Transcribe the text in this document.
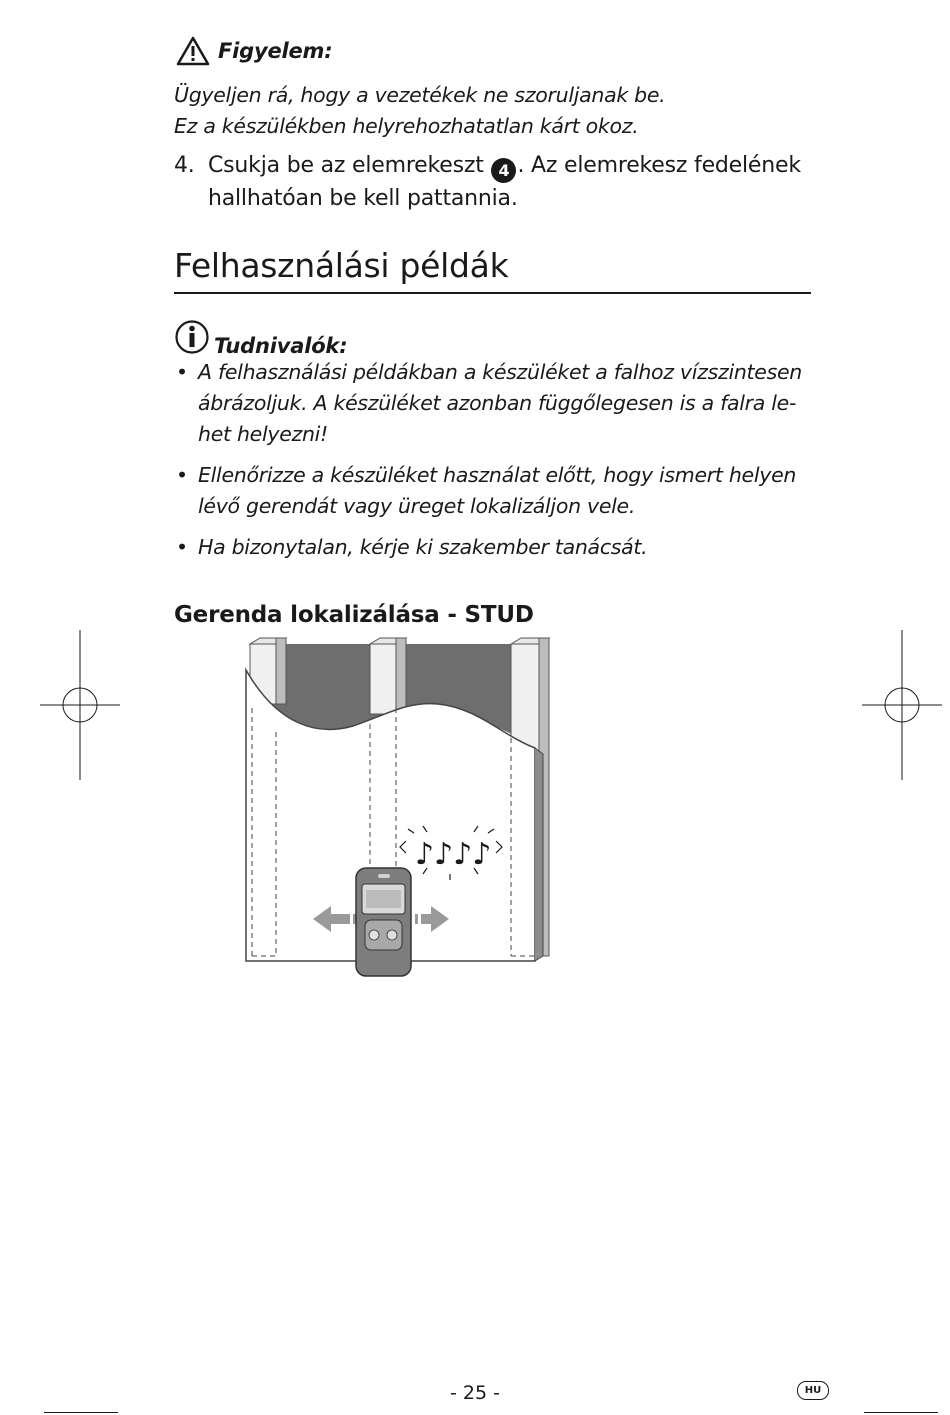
Figyelem:
Ügyeljen rá, hogy a vezetékek ne szoruljanak be.
Ez a készülékben helyrehozhatatlan kárt okoz.
4. Csukja be az elemrekeszt 4 . Az elemrekesz fedelének
hallhatóan be kell pattannia.
Felhasználási példák
Tudnivalók:
• A felhasználási példákban a készüléket a falhoz vízszintesen ábrázoljuk. A készüléket azonban függőlegesen is a falra le-het helyezni!
• Ellenőrizze a készüléket használat előtt, hogy ismert helyen lévő gerendát vagy üreget lokalizáljon vele.
• Ha bizonytalan, kérje ki szakember tanácsát.
Gerenda lokalizálása - STUD
♪♪♪♪
- 25 -	HU
